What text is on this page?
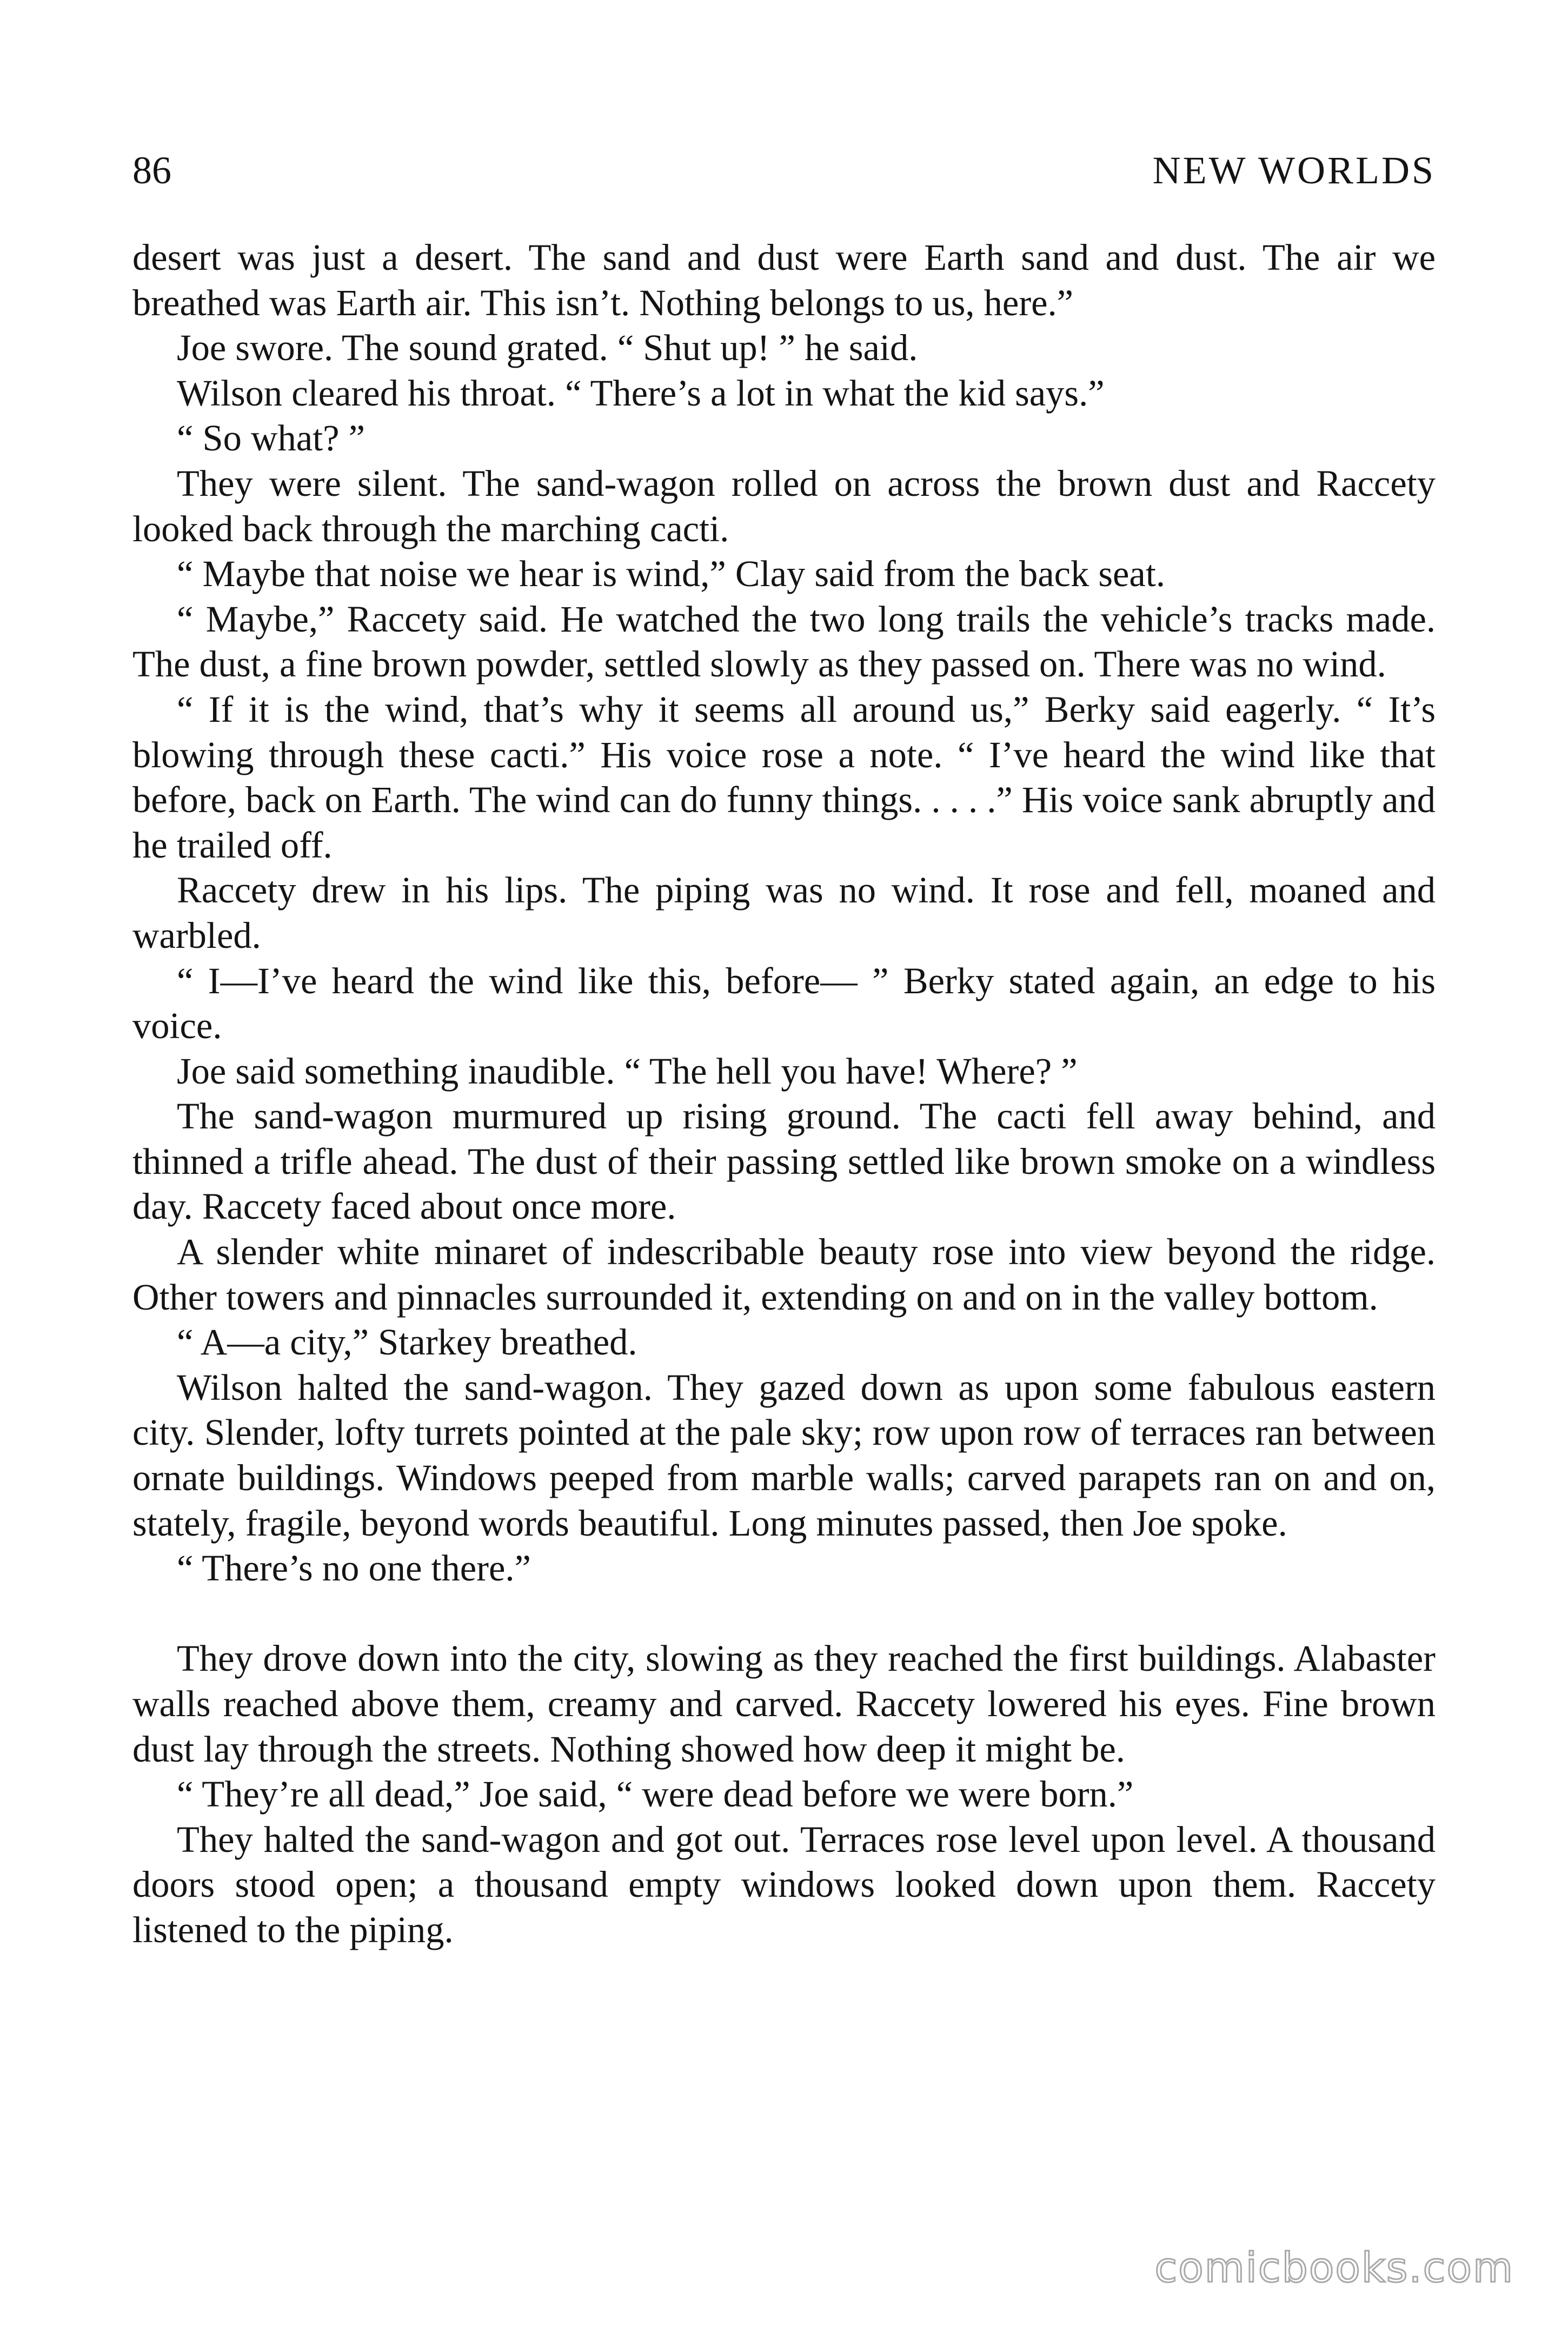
86	NEW WORLDS

desert was just a desert. The sand and dust were Earth sand and dust. The air we breathed was Earth air. This isn’t. Nothing belongs to us, here.”

Joe swore. The sound grated. “ Shut up! ” he said.

Wilson cleared his throat. “ There’s a lot in what the kid says.”

“ So what? ”

They were silent. The sand-wagon rolled on across the brown dust and Raccety looked back through the marching cacti.

“ Maybe that noise we hear is wind,” Clay said from the back seat.

“ Maybe,” Raccety said. He watched the two long trails the vehicle’s tracks made. The dust, a fine brown powder, settled slowly as they passed on. There was no wind.

“ If it is the wind, that’s why it seems all around us,” Berky said eagerly. “ It’s blowing through these cacti.” His voice rose a note. “ I’ve heard the wind like that before, back on Earth. The wind can do funny things. . . . .” His voice sank abruptly and he trailed off.

Raccety drew in his lips. The piping was no wind. It rose and fell, moaned and warbled.

“ I—I’ve heard the wind like this, before— ” Berky stated again, an edge to his voice.

Joe said something inaudible. “ The hell you have! Where? ”

The sand-wagon murmured up rising ground. The cacti fell away behind, and thinned a trifle ahead. The dust of their passing settled like brown smoke on a windless day. Raccety faced about once more.

A slender white minaret of indescribable beauty rose into view beyond the ridge. Other towers and pinnacles surrounded it, extending on and on in the valley bottom.

“ A—a city,” Starkey breathed.

Wilson halted the sand-wagon. They gazed down as upon some fabulous eastern city. Slender, lofty turrets pointed at the pale sky; row upon row of terraces ran between ornate buildings. Windows peeped from marble walls; carved parapets ran on and on, stately, fragile, beyond words beautiful. Long minutes passed, then Joe spoke.

“ There’s no one there.”

They drove down into the city, slowing as they reached the first buildings. Alabaster walls reached above them, creamy and carved. Raccety lowered his eyes. Fine brown dust lay through the streets. Nothing showed how deep it might be.

“ They’re all dead,” Joe said, “ were dead before we were born.”

They halted the sand-wagon and got out. Terraces rose level upon level. A thousand doors stood open; a thousand empty windows looked down upon them. Raccety listened to the piping.

comicbooks.com
